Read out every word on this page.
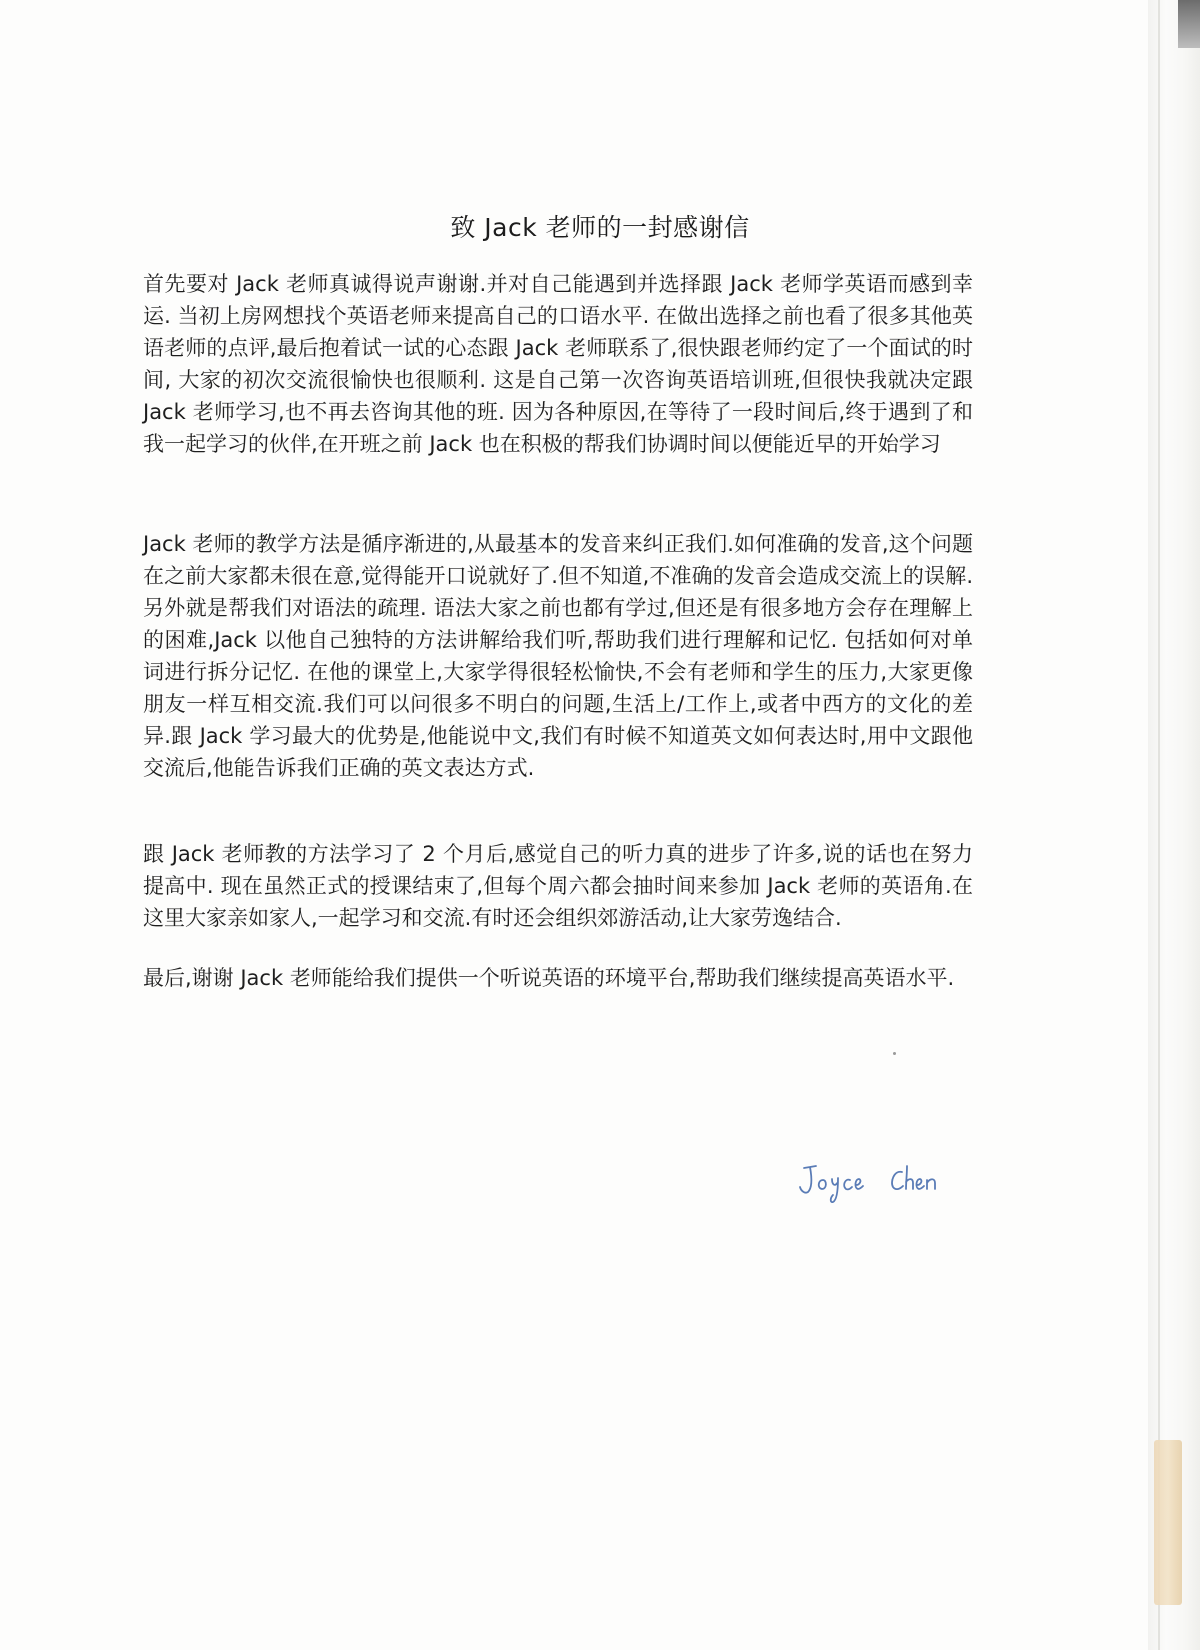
致 Jack 老师的一封感谢信

首先要对 Jack 老师真诚得说声谢谢.并对自己能遇到并选择跟 Jack 老师学英语而感到幸运. 当初上房网想找个英语老师来提高自己的口语水平. 在做出选择之前也看了很多其他英语老师的点评,最后抱着试一试的心态跟 Jack 老师联系了,很快跟老师约定了一个面试的时间, 大家的初次交流很愉快也很顺利. 这是自己第一次咨询英语培训班,但很快我就决定跟 Jack 老师学习,也不再去咨询其他的班. 因为各种原因,在等待了一段时间后,终于遇到了和我一起学习的伙伴,在开班之前 Jack 也在积极的帮我们协调时间以便能近早的开始学习

Jack 老师的教学方法是循序渐进的,从最基本的发音来纠正我们.如何准确的发音,这个问题在之前大家都未很在意,觉得能开口说就好了.但不知道,不准确的发音会造成交流上的误解. 另外就是帮我们对语法的疏理. 语法大家之前也都有学过,但还是有很多地方会存在理解上的困难,Jack 以他自己独特的方法讲解给我们听,帮助我们进行理解和记忆. 包括如何对单词进行拆分记忆. 在他的课堂上,大家学得很轻松愉快,不会有老师和学生的压力,大家更像朋友一样互相交流.我们可以问很多不明白的问题,生活上/工作上,或者中西方的文化的差异.跟 Jack 学习最大的优势是,他能说中文,我们有时候不知道英文如何表达时,用中文跟他交流后,他能告诉我们正确的英文表达方式.

跟 Jack 老师教的方法学习了 2 个月后,感觉自己的听力真的进步了许多,说的话也在努力提高中. 现在虽然正式的授课结束了,但每个周六都会抽时间来参加 Jack 老师的英语角.在这里大家亲如家人,一起学习和交流.有时还会组织郊游活动,让大家劳逸结合.

最后,谢谢 Jack 老师能给我们提供一个听说英语的环境平台,帮助我们继续提高英语水平.
